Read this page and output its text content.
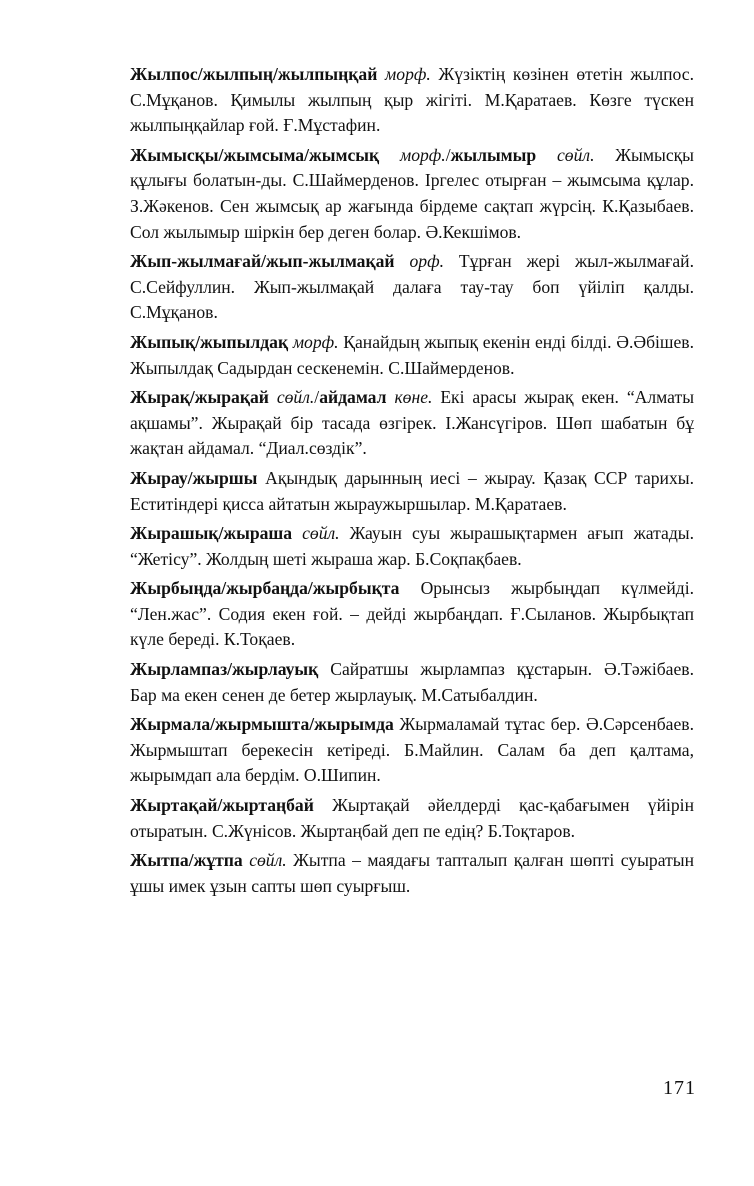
Жылпос/жылпың/жылпыңқай морф. Жүзіктің көзінен өтетін жылпос. С.Мұқанов. Қимылы жылпың қыр жігіті. М.Қаратаев. Көзге түскен жылпыңқайлар ғой. Ғ.Мұстафин.
Жымысқы/жымсыма/жымсық морф./жылымыр сөйл. Жымысқы құлығы болатын-ды. С.Шаймерденов. Іргелес отырған – жымсыма құлар. З.Жәкенов. Сен жымсық ар жағында бірдеме сақтап жүрсің. К.Қазыбаев. Сол жылымыр шіркін бер деген болар. Ә.Кекшімов.
Жып-жылмағай/жып-жылмақай орф. Тұрған жері жыл-жылмағай. С.Сейфуллин. Жып-жылмақай далаға тау-тау боп үйіліп қалды. С.Мұқанов.
Жыпық/жыпылдақ морф. Қанайдың жыпық екенін енді білді. Ә.Әбішев. Жыпылдақ Садырдан сескенемін. С.Шаймерденов.
Жырақ/жырақай сөйл./айдамал көне. Екі арасы жырақ екен. “Алматы ақшамы”. Жырақай бір тасада өзгірек. І.Жансүгіров. Шөп шабатын бұ жақтан айдамал. “Диал.сөздік”.
Жырау/жыршы Ақындық дарынның иесі – жырау. Қазақ ССР тарихы. Еститіндері қисса айтатын жыраужыршылар. М.Қаратаев.
Жырашық/жыраша сөйл. Жауын суы жырашықтармен ағып жатады. “Жетісу”. Жолдың шеті жыраша жар. Б.Соқпақбаев.
Жырбыңда/жырбаңда/жырбықта Орынсыз жырбыңдап күлмейді. “Лен.жас”. Содия екен ғой. – дейді жырбаңдап. Ғ.Сыланов. Жырбықтап күле береді. К.Тоқаев.
Жырлампаз/жырлауық Сайратшы жырлампаз құстарын. Ә.Тәжібаев. Бар ма екен сенен де бетер жырлауық. М.Сатыбалдин.
Жырмала/жырмышта/жырымда Жырмаламай тұтас бер. Ә.Сәрсенбаев. Жырмыштап берекесін кетіреді. Б.Майлин. Салам ба деп қалтама, жырымдап ала бердім. О.Шипин.
Жыртақай/жыртаңбай Жыртақай әйелдерді қас-қабағымен үйірін отыратын. С.Жүнісов. Жыртаңбай деп пе едің? Б.Тоқтаров.
Жытпа/жұтпа сөйл. Жытпа – маядағы тапталып қалған шөпті суыратын ұшы имек ұзын сапты шөп суырғыш.
171
